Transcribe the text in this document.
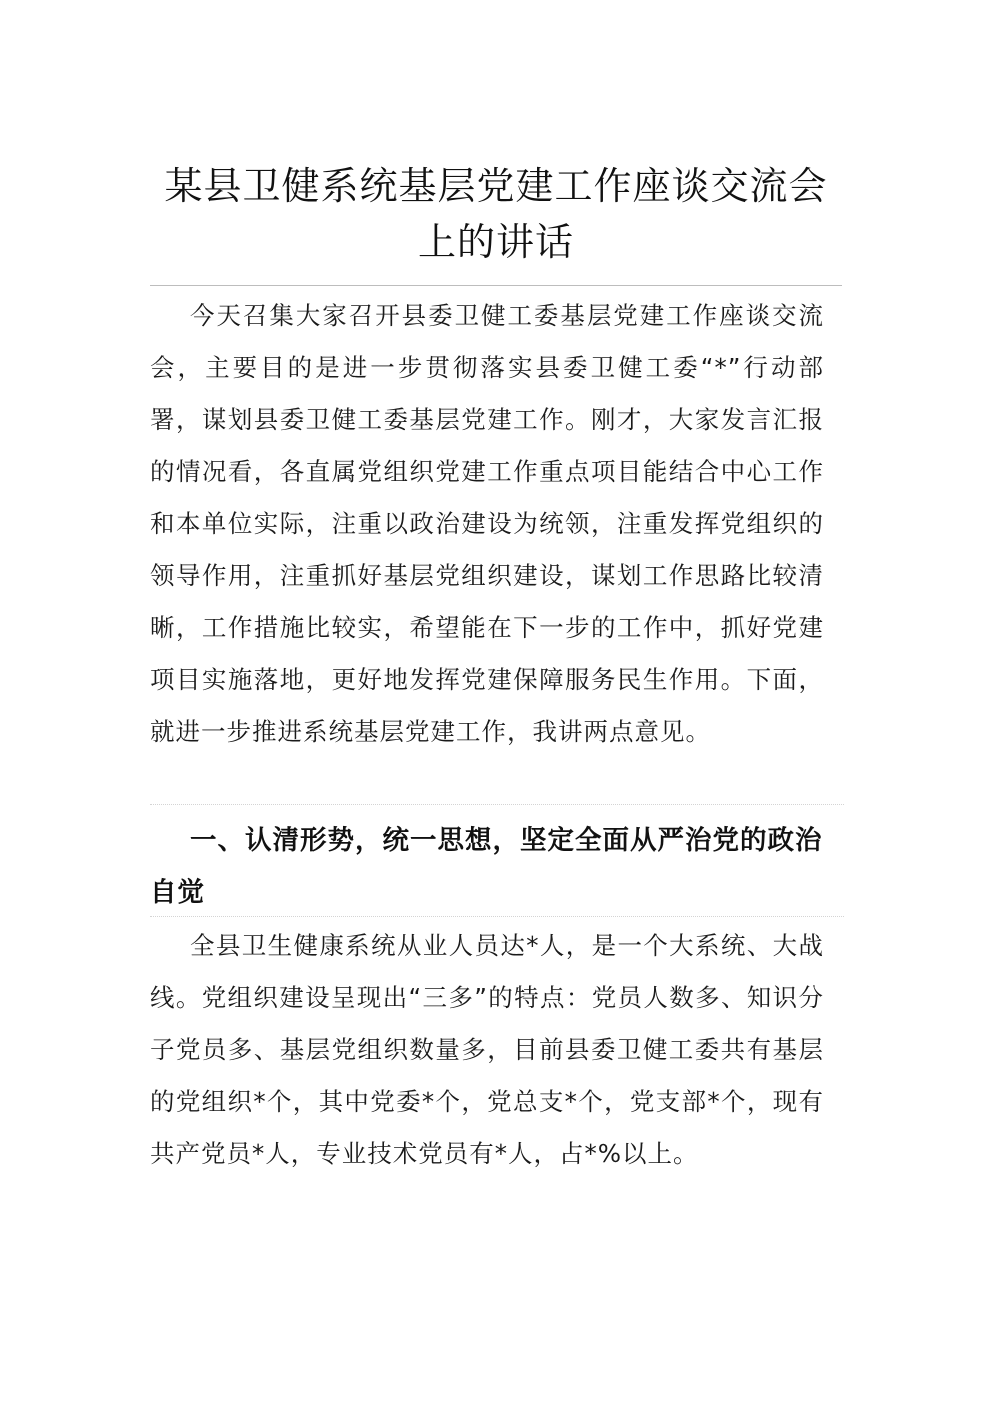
某县卫健系统基层党建工作座谈交流会上的讲话

今天召集大家召开县委卫健工委基层党建工作座谈交流会，主要目的是进一步贯彻落实县委卫健工委“*”行动部署，谋划县委卫健工委基层党建工作。刚才，大家发言汇报的情况看，各直属党组织党建工作重点项目能结合中心工作和本单位实际，注重以政治建设为统领，注重发挥党组织的领导作用，注重抓好基层党组织建设，谋划工作思路比较清晰，工作措施比较实，希望能在下一步的工作中，抓好党建项目实施落地，更好地发挥党建保障服务民生作用。下面，就进一步推进系统基层党建工作，我讲两点意见。

一、认清形势，统一思想，坚定全面从严治党的政治自觉

全县卫生健康系统从业人员达*人，是一个大系统、大战线。党组织建设呈现出“三多”的特点：党员人数多、知识分子党员多、基层党组织数量多，目前县委卫健工委共有基层的党组织*个，其中党委*个，党总支*个，党支部*个，现有共产党员*人，专业技术党员有*人，占*%以上。
